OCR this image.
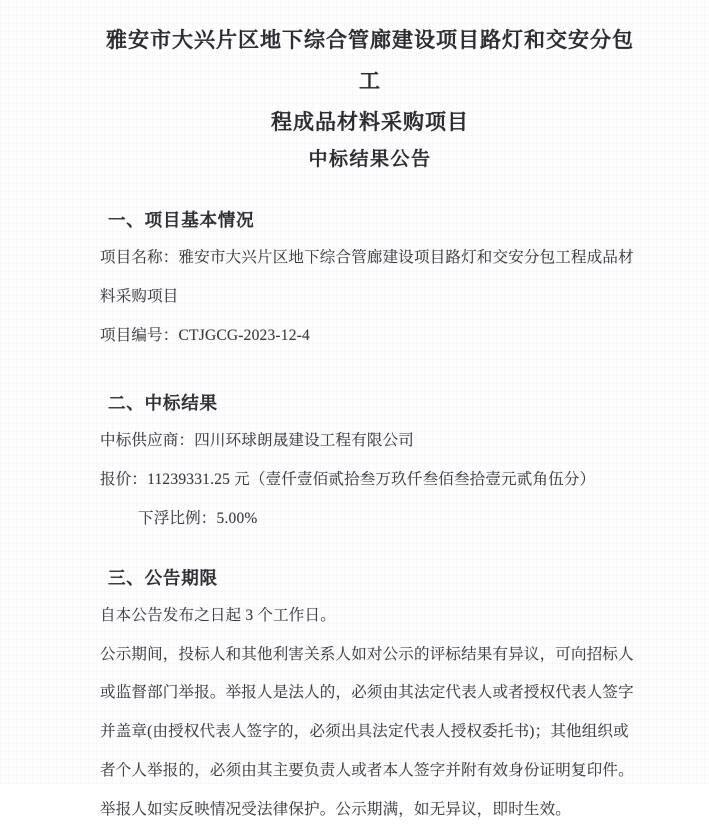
雅安市大兴片区地下综合管廊建设项目路灯和交安分包工
程成品材料采购项目
中标结果公告
一、项目基本情况
项目名称：雅安市大兴片区地下综合管廊建设项目路灯和交安分包工程成品材
料采购项目
项目编号：CTJGCG-2023-12-4
二、中标结果
中标供应商：四川环球朗晟建设工程有限公司
报价：11239331.25 元（壹仟壹佰贰拾叁万玖仟叁佰叁拾壹元贰角伍分）
下浮比例：5.00%
三、公告期限
自本公告发布之日起 3 个工作日。
公示期间，投标人和其他利害关系人如对公示的评标结果有异议，可向招标人
或监督部门举报。举报人是法人的，必须由其法定代表人或者授权代表人签字
并盖章(由授权代表人签字的，必须出具法定代表人授权委托书)；其他组织或
者个人举报的，必须由其主要负责人或者本人签字并附有效身份证明复印件。
举报人如实反映情况受法律保护。公示期满，如无异议，即时生效。
